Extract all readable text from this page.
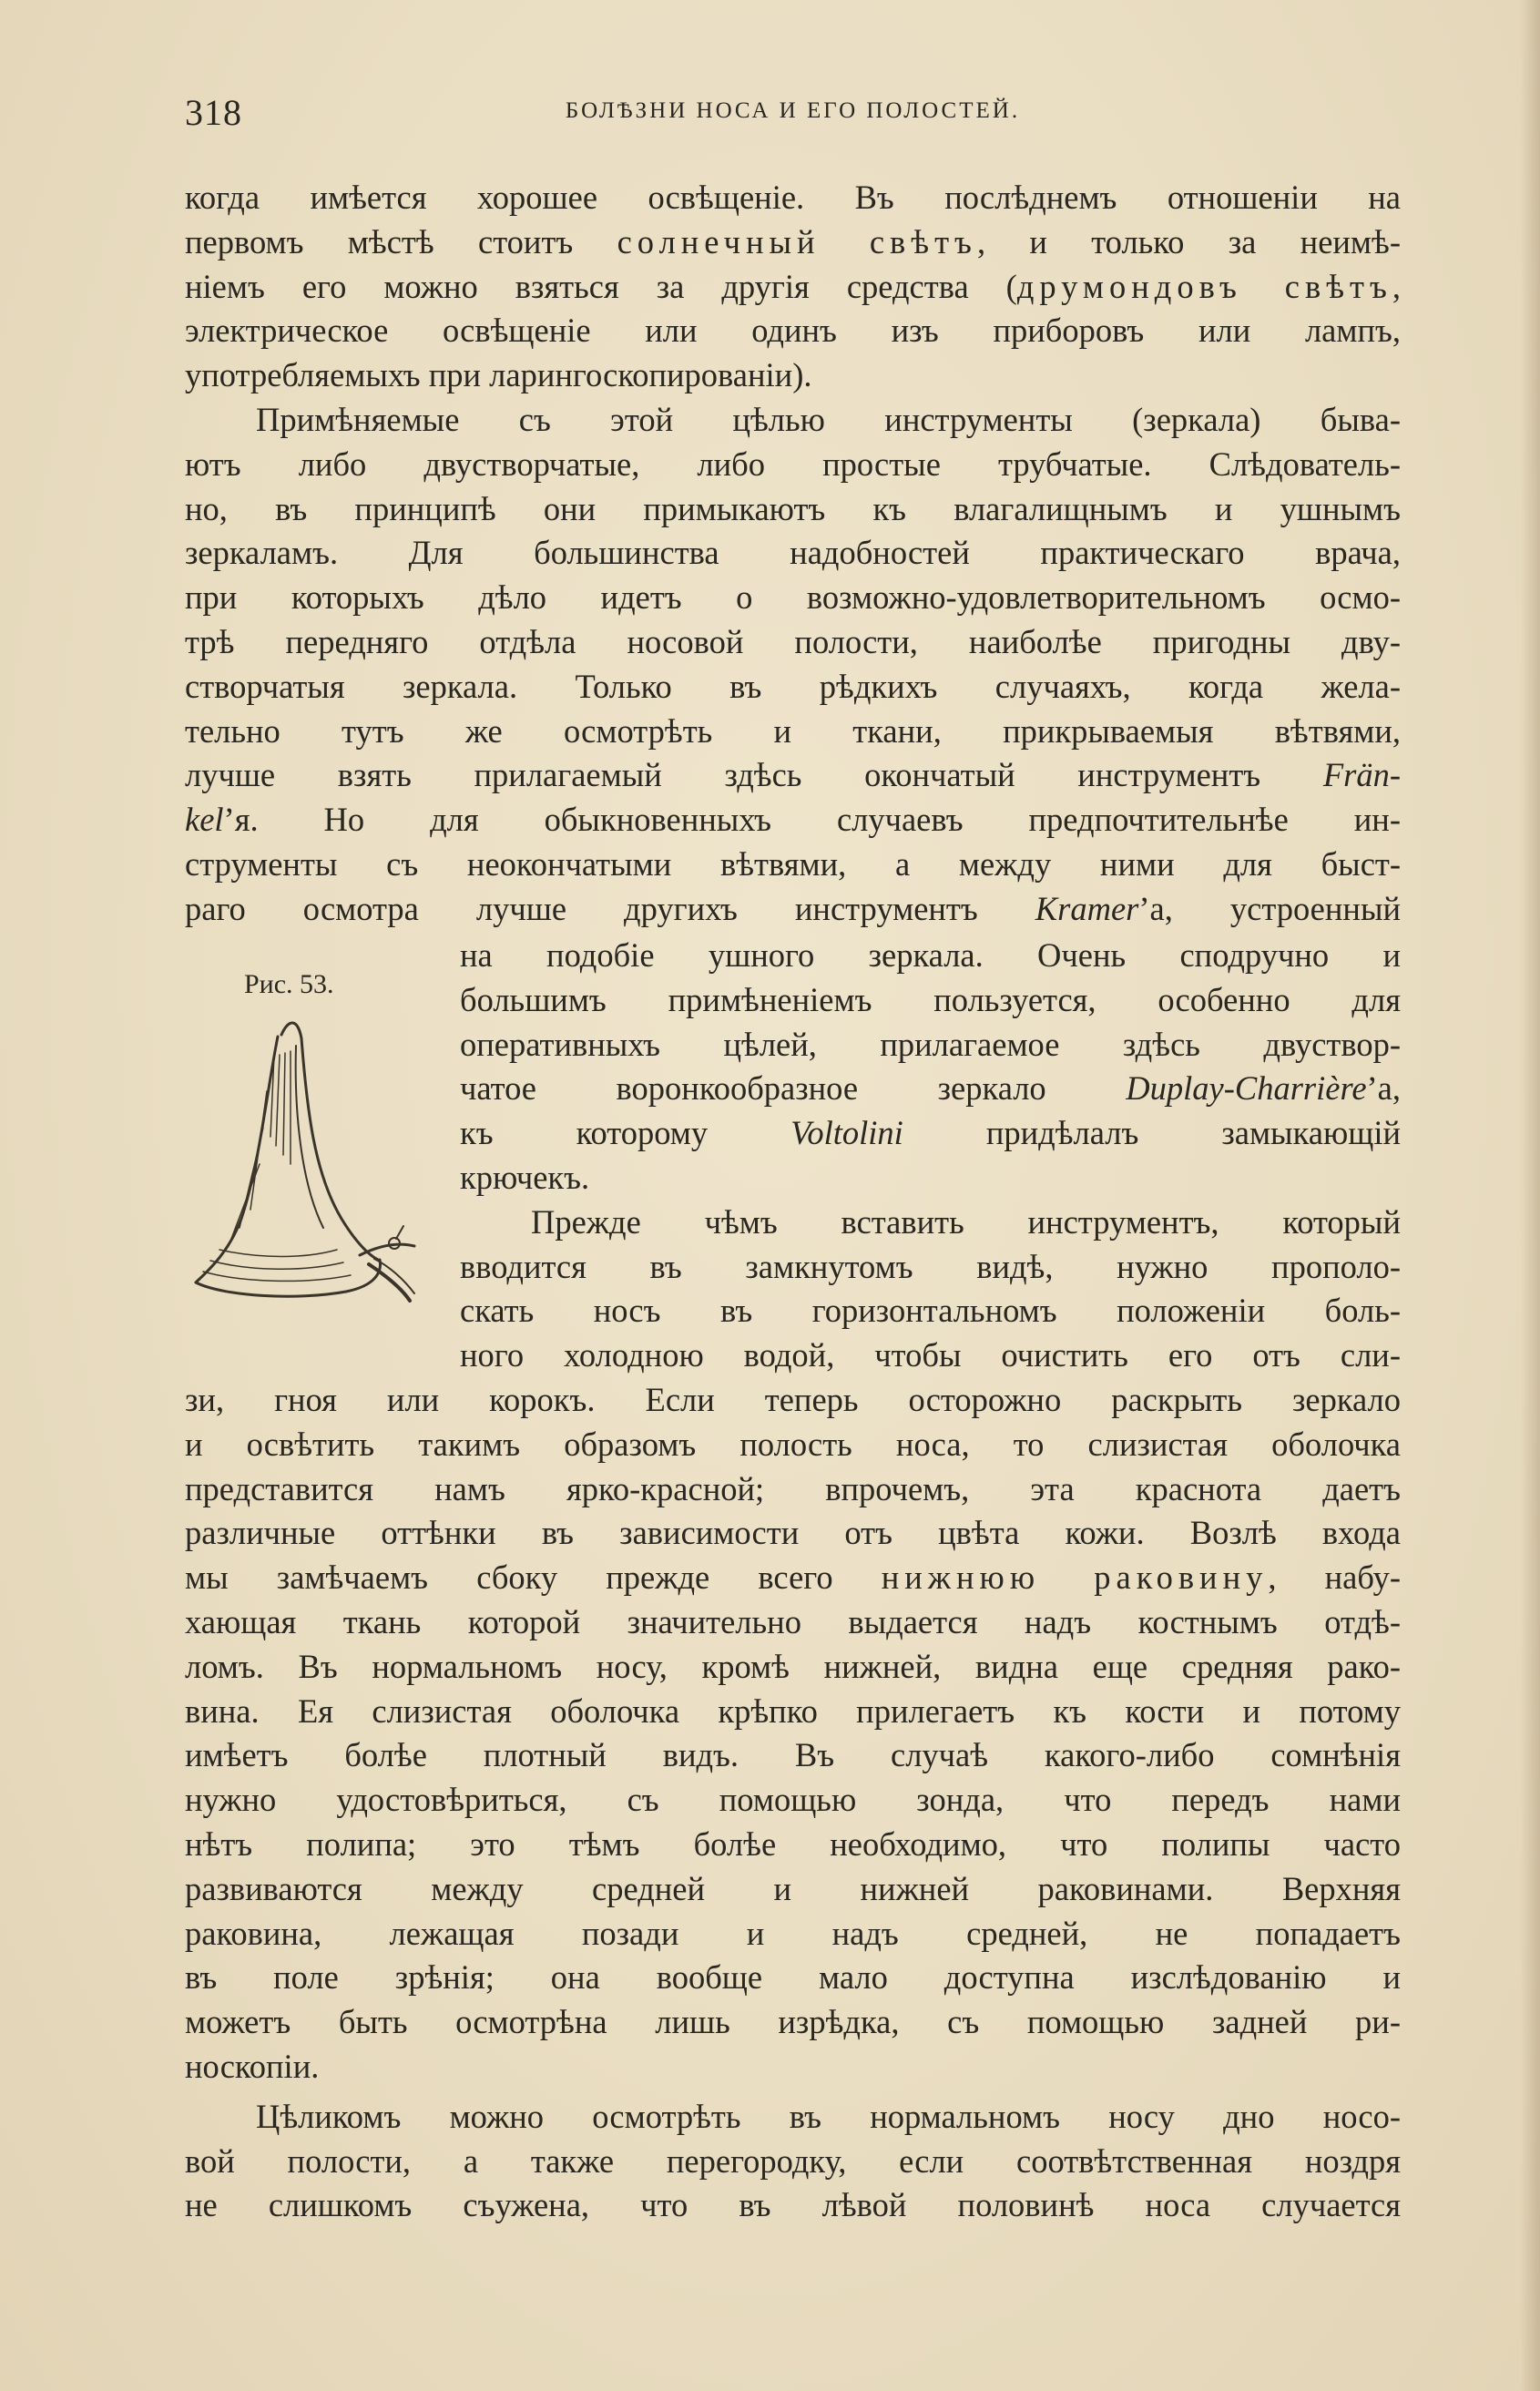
318	БОЛѢЗНИ НОСА И ЕГО ПОЛОСТЕЙ.
когда имѣется хорошее освѣщеніе. Въ послѣднемъ отношеніи на
первомъ мѣстѣ стоитъ солнечный свѣтъ, и только за неимѣ-
ніемъ его можно взяться за другія средства (друмондовъ свѣтъ,
электрическое освѣщеніе или одинъ изъ приборовъ или лампъ,
употребляемыхъ при ларингоскопированіи).
Примѣняемые съ этой цѣлью инструменты (зеркала) быва-
ютъ либо двустворчатые, либо простые трубчатые. Слѣдователь-
но, въ принципѣ они примыкаютъ къ влагалищнымъ и ушнымъ
зеркаламъ. Для большинства надобностей практическаго врача,
при которыхъ дѣло идетъ о возможно-удовлетворительномъ осмо-
трѣ передняго отдѣла носовой полости, наиболѣе пригодны дву-
створчатыя зеркала. Только въ рѣдкихъ случаяхъ, когда жела-
тельно тутъ же осмотрѣть и ткани, прикрываемыя вѣтвями,
лучше взять прилагаемый здѣсь окончатый инструментъ Frän-
kelʼя. Но для обыкновенныхъ случаевъ предпочтительнѣе ин-
струменты съ неокончатыми вѣтвями, а между ними для быст-
раго осмотра лучше другихъ инструментъ Kramerʼа, устроенный
Рис. 53.
на подобіе ушного зеркала. Очень сподручно и
большимъ примѣненіемъ пользуется, особенно для
оперативныхъ цѣлей, прилагаемое здѣсь двуствор-
чатое воронкообразное зеркало Duplay-Charrièreʼа,
къ которому Voltolini придѣлалъ замыкающій
крючекъ.
Прежде чѣмъ вставить инструментъ, который
вводится въ замкнутомъ видѣ, нужно прополо-
скать носъ въ горизонтальномъ положеніи боль-
ного холодною водой, чтобы очистить его отъ сли-
зи, гноя или корокъ. Если теперь осторожно раскрыть зеркало
и освѣтить такимъ образомъ полость носа, то слизистая оболочка
представится намъ ярко-красной; впрочемъ, эта краснота даетъ
различные оттѣнки въ зависимости отъ цвѣта кожи. Возлѣ входа
мы замѣчаемъ сбоку прежде всего нижнюю раковину, набу-
хающая ткань которой значительно выдается надъ костнымъ отдѣ-
ломъ. Въ нормальномъ носу, кромѣ нижней, видна еще средняя рако-
вина. Ея слизистая оболочка крѣпко прилегаетъ къ кости и потому
имѣетъ болѣе плотный видъ. Въ случаѣ какого-либо сомнѣнія
нужно удостовѣриться, съ помощью зонда, что передъ нами
нѣтъ полипа; это тѣмъ болѣе необходимо, что полипы часто
развиваются между средней и нижней раковинами. Верхняя
раковина, лежащая позади и надъ средней, не попадаетъ
въ поле зрѣнія; она вообще мало доступна изслѣдованію и
можетъ быть осмотрѣна лишь изрѣдка, съ помощью задней ри-
носкопіи.
Цѣликомъ можно осмотрѣть въ нормальномъ носу дно носо-
вой полости, а также перегородку, если соотвѣтственная ноздря
не слишкомъ съужена, что въ лѣвой половинѣ носа случается
